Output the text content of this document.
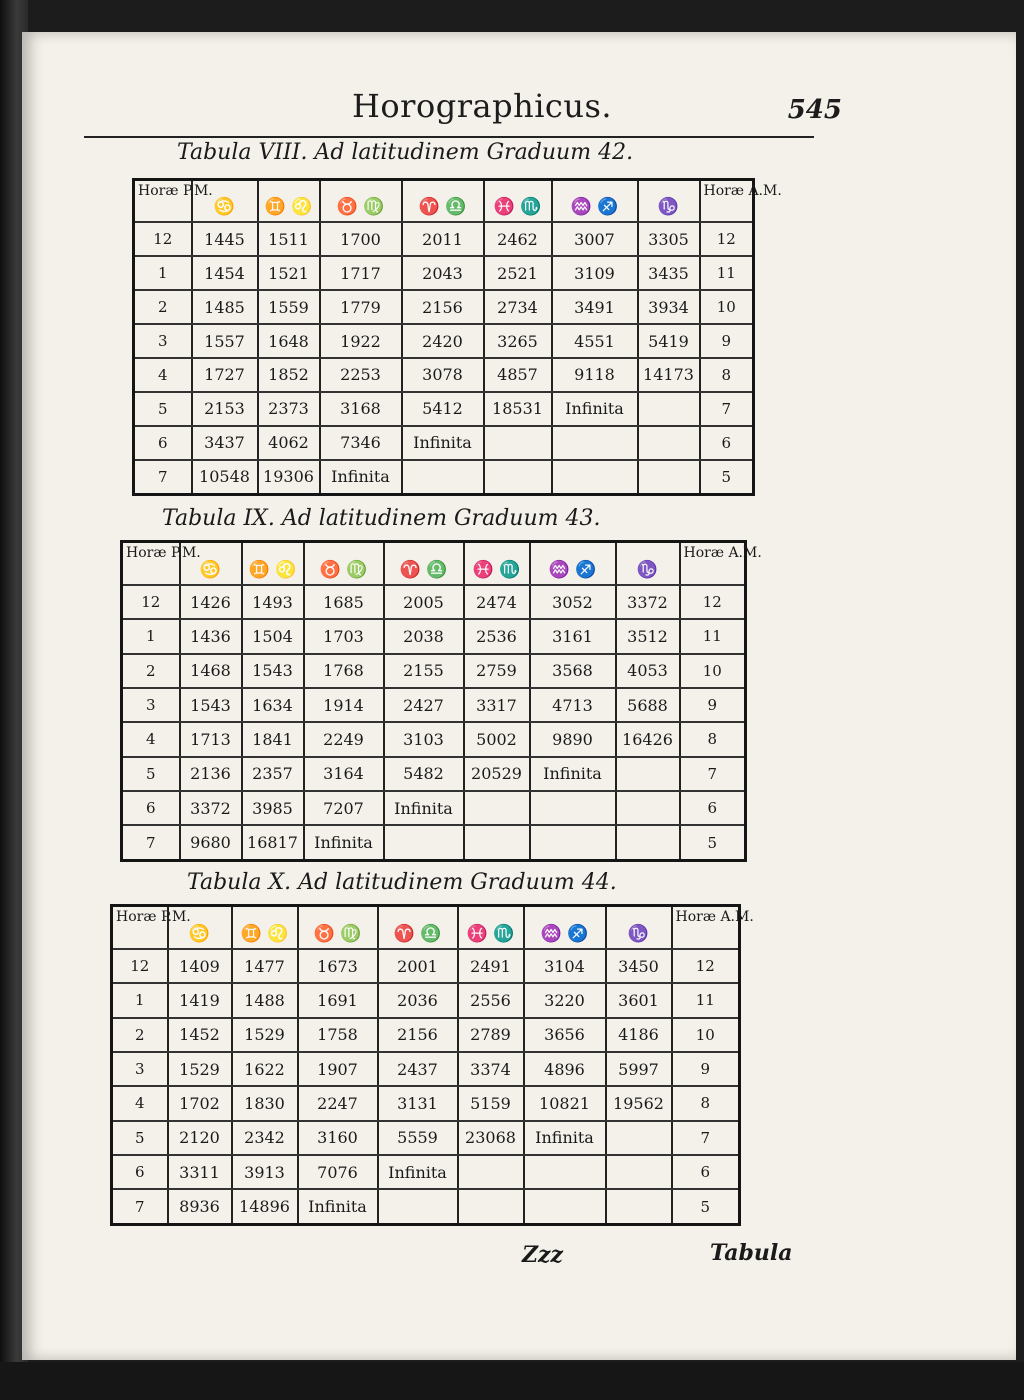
Horographicus.	545
Tabula VIII. Ad latitudinem Graduum 42.
Horæ P.M.	♋	♊ ♌	♉ ♍	♈ ♎	♓ ♏	♒ ♐	♑	Horæ A.M.
12	1445	1511	1700	2011	2462	3007	3305	12
1	1454	1521	1717	2043	2521	3109	3435	11
2	1485	1559	1779	2156	2734	3491	3934	10
3	1557	1648	1922	2420	3265	4551	5419	9
4	1727	1852	2253	3078	4857	9118	14173	8
5	2153	2373	3168	5412	18531	Infinita		7
6	3437	4062	7346	Infinita				6
7	10548	19306	Infinita					5
Tabula IX. Ad latitudinem Graduum 43.
Horæ P.M.	♋	♊ ♌	♉ ♍	♈ ♎	♓ ♏	♒ ♐	♑	Horæ A.M.
12	1426	1493	1685	2005	2474	3052	3372	12
1	1436	1504	1703	2038	2536	3161	3512	11
2	1468	1543	1768	2155	2759	3568	4053	10
3	1543	1634	1914	2427	3317	4713	5688	9
4	1713	1841	2249	3103	5002	9890	16426	8
5	2136	2357	3164	5482	20529	Infinita		7
6	3372	3985	7207	Infinita				6
7	9680	16817	Infinita					5
Tabula X. Ad latitudinem Graduum 44.
Horæ P.M.	♋	♊ ♌	♉ ♍	♈ ♎	♓ ♏	♒ ♐	♑	Horæ A.M.
12	1409	1477	1673	2001	2491	3104	3450	12
1	1419	1488	1691	2036	2556	3220	3601	11
2	1452	1529	1758	2156	2789	3656	4186	10
3	1529	1622	1907	2437	3374	4896	5997	9
4	1702	1830	2247	3131	5159	10821	19562	8
5	2120	2342	3160	5559	23068	Infinita		7
6	3311	3913	7076	Infinita				6
7	8936	14896	Infinita					5
Zzz	Tabula
